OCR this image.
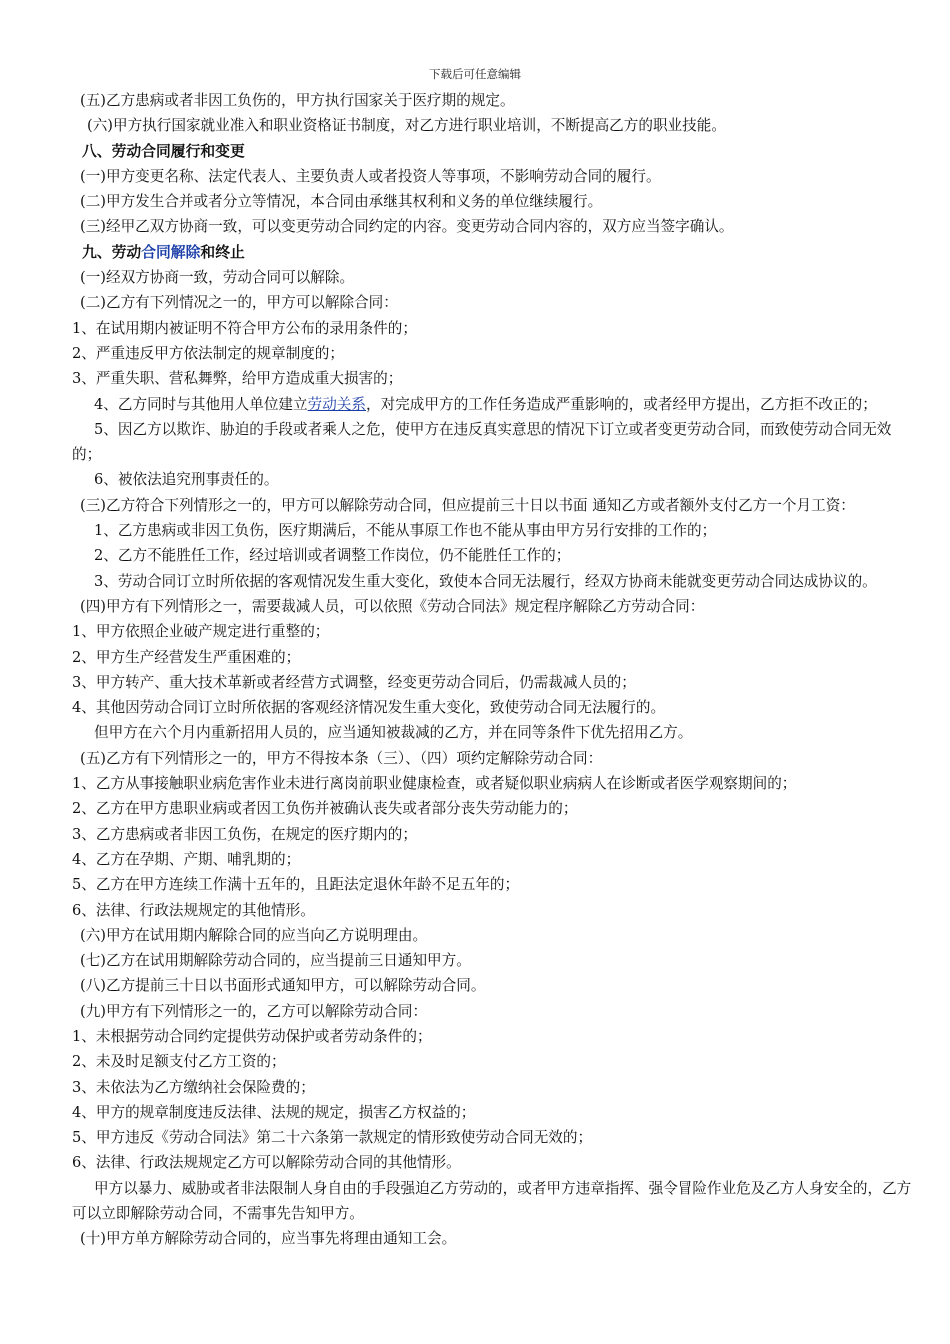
下载后可任意编辑

(五)乙方患病或者非因工负伤的，甲方执行国家关于医疗期的规定。

(六)甲方执行国家就业准入和职业资格证书制度，对乙方进行职业培训，不断提高乙方的职业技能。

八、劳动合同履行和变更

(一)甲方变更名称、法定代表人、主要负责人或者投资人等事项，不影响劳动合同的履行。

(二)甲方发生合并或者分立等情况，本合同由承继其权利和义务的单位继续履行。

(三)经甲乙双方协商一致，可以变更劳动合同约定的内容。变更劳动合同内容的，双方应当签字确认。

九、劳动合同解除和终止

(一)经双方协商一致，劳动合同可以解除。

(二)乙方有下列情况之一的，甲方可以解除合同：

1、在试用期内被证明不符合甲方公布的录用条件的；

2、严重违反甲方依法制定的规章制度的；

3、严重失职、营私舞弊，给甲方造成重大损害的；

4、乙方同时与其他用人单位建立劳动关系，对完成甲方的工作任务造成严重影响的，或者经甲方提出，乙方拒不改正的；

5、因乙方以欺诈、胁迫的手段或者乘人之危，使甲方在违反真实意思的情况下订立或者变更劳动合同，而致使劳动合同无效的；

6、被依法追究刑事责任的。

(三)乙方符合下列情形之一的，甲方可以解除劳动合同，但应提前三十日以书面 通知乙方或者额外支付乙方一个月工资：

1、乙方患病或非因工负伤，医疗期满后，不能从事原工作也不能从事由甲方另行安排的工作的；

2、乙方不能胜任工作，经过培训或者调整工作岗位，仍不能胜任工作的；

3、劳动合同订立时所依据的客观情况发生重大变化，致使本合同无法履行，经双方协商未能就变更劳动合同达成协议的。

(四)甲方有下列情形之一，需要裁减人员，可以依照《劳动合同法》规定程序解除乙方劳动合同：

1、甲方依照企业破产规定进行重整的；

2、甲方生产经营发生严重困难的；

3、甲方转产、重大技术革新或者经营方式调整，经变更劳动合同后，仍需裁减人员的；

4、其他因劳动合同订立时所依据的客观经济情况发生重大变化，致使劳动合同无法履行的。

但甲方在六个月内重新招用人员的，应当通知被裁减的乙方，并在同等条件下优先招用乙方。

(五)乙方有下列情形之一的，甲方不得按本条（三）、（四）项约定解除劳动合同：

1、乙方从事接触职业病危害作业未进行离岗前职业健康检查，或者疑似职业病病人在诊断或者医学观察期间的；

2、乙方在甲方患职业病或者因工负伤并被确认丧失或者部分丧失劳动能力的；

3、乙方患病或者非因工负伤，在规定的医疗期内的；

4、乙方在孕期、产期、哺乳期的；

5、乙方在甲方连续工作满十五年的，且距法定退休年龄不足五年的；

6、法律、行政法规规定的其他情形。

(六)甲方在试用期内解除合同的应当向乙方说明理由。

(七)乙方在试用期解除劳动合同的，应当提前三日通知甲方。

(八)乙方提前三十日以书面形式通知甲方，可以解除劳动合同。

(九)甲方有下列情形之一的，乙方可以解除劳动合同：

1、未根据劳动合同约定提供劳动保护或者劳动条件的；

2、未及时足额支付乙方工资的；

3、未依法为乙方缴纳社会保险费的；

4、甲方的规章制度违反法律、法规的规定，损害乙方权益的；

5、甲方违反《劳动合同法》第二十六条第一款规定的情形致使劳动合同无效的；

6、法律、行政法规规定乙方可以解除劳动合同的其他情形。

甲方以暴力、威胁或者非法限制人身自由的手段强迫乙方劳动的，或者甲方违章指挥、强令冒险作业危及乙方人身安全的，乙方可以立即解除劳动合同，不需事先告知甲方。

(十)甲方单方解除劳动合同的，应当事先将理由通知工会。
